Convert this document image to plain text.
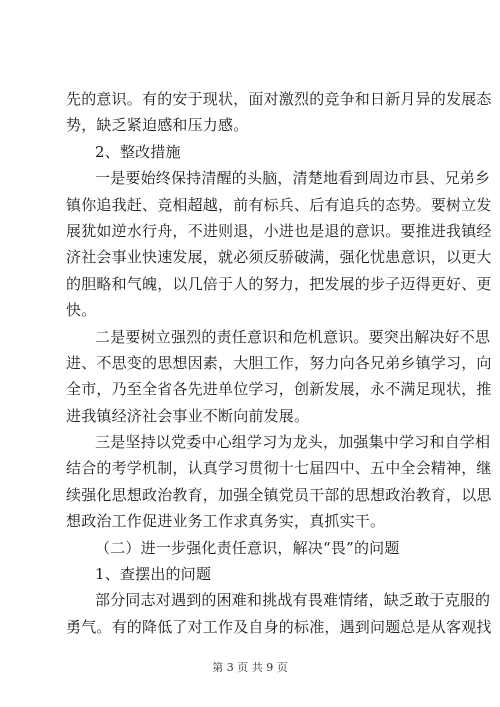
先的意识。有的安于现状，面对激烈的竞争和日新月异的发展态
势，缺乏紧迫感和压力感。
2、整改措施
一是要始终保持清醒的头脑，清楚地看到周边市县、兄弟乡
镇你追我赶、竞相超越，前有标兵、后有追兵的态势。要树立发
展犹如逆水行舟，不进则退，小进也是退的意识。要推进我镇经
济社会事业快速发展，就必须反骄破满，强化忧患意识，以更大
的胆略和气魄，以几倍于人的努力，把发展的步子迈得更好、更
快。
二是要树立强烈的责任意识和危机意识。要突出解决好不思
进、不思变的思想因素，大胆工作，努力向各兄弟乡镇学习，向
全市，乃至全省各先进单位学习，创新发展，永不满足现状，推
进我镇经济社会事业不断向前发展。
三是坚持以党委中心组学习为龙头，加强集中学习和自学相
结合的考学机制，认真学习贯彻十七届四中、五中全会精神，继
续强化思想政治教育，加强全镇党员干部的思想政治教育，以思
想政治工作促进业务工作求真务实，真抓实干。
（二）进一步强化责任意识，解决“畏”的问题
1、查摆出的问题
部分同志对遇到的困难和挑战有畏难情绪，缺乏敢于克服的
勇气。有的降低了对工作及自身的标准，遇到问题总是从客观找
第 3 页 共 9 页
